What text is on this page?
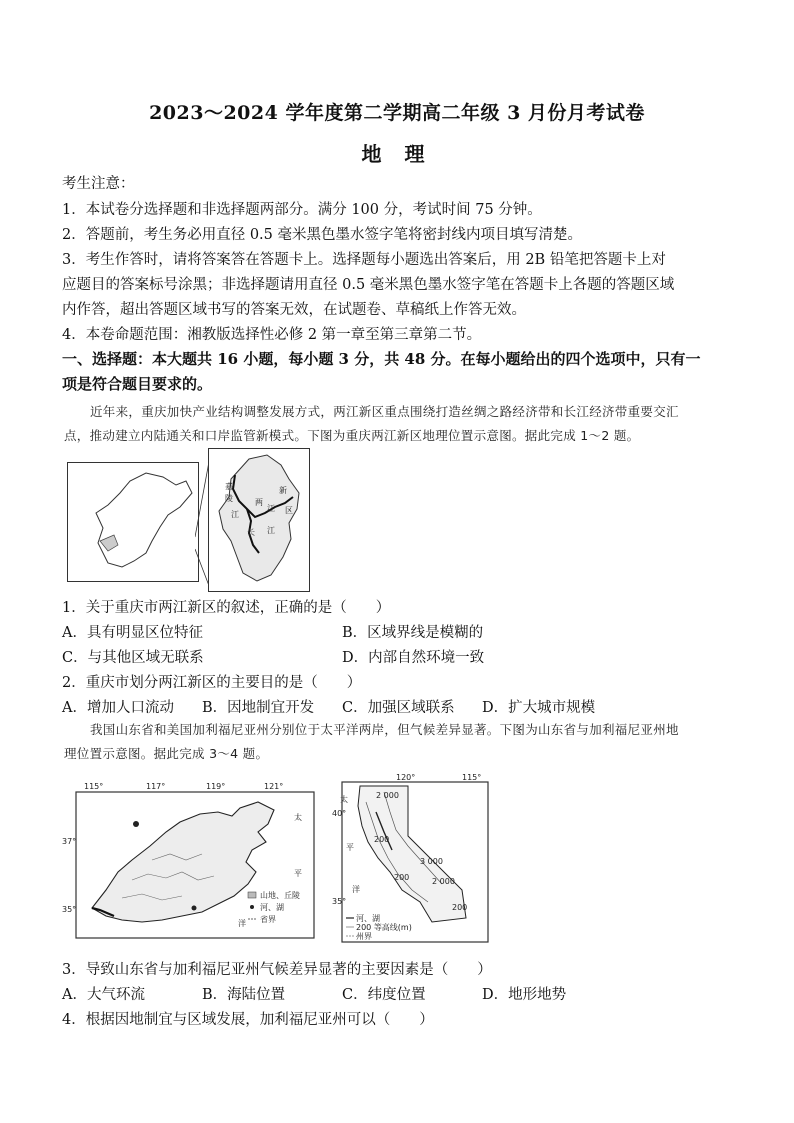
2023～2024 学年度第二学期高二年级 3 月份月考试卷
地 理
考生注意：
1．本试卷分选择题和非选择题两部分。满分 100 分，考试时间 75 分钟。
2．答题前，考生务必用直径 0.5 毫米黑色墨水签字笔将密封线内项目填写清楚。
3．考生作答时，请将答案答在答题卡上。选择题每小题选出答案后，用 2B 铅笔把答题卡上对
应题目的答案标号涂黑；非选择题请用直径 0.5 毫米黑色墨水签字笔在答题卡上各题的答题区域
内作答，超出答题区域书写的答案无效，在试题卷、草稿纸上作答无效。
4．本卷命题范围：湘教版选择性必修 2 第一章至第三章第二节。
一、选择题：本大题共 16 小题，每小题 3 分，共 48 分。在每小题给出的四个选项中，只有一
项是符合题目要求的。
近年来，重庆加快产业结构调整发展方式，两江新区重点围绕打造丝绸之路经济带和长江经济带重要交汇
点，推动建立内陆通关和口岸监管新模式。下图为重庆两江新区地理位置示意图。据此完成 1～2 题。
嘉
陵	两
江
新
区
江
长 江
1．关于重庆市两江新区的叙述，正确的是（　　）
A．具有明显区位特征	B．区域界线是模糊的
C．与其他区域无联系	D．内部自然环境一致
2．重庆市划分两江新区的主要目的是（　　）
A．增加人口流动 B．因地制宜开发 C．加强区域联系 D．扩大城市规模
我国山东省和美国加利福尼亚州分别位于太平洋两岸，但气候差异显著。下图为山东省与加利福尼亚州地
理位置示意图。据此完成 3～4 题。
115°	117°	119°	121°
37°
35°
太
平
洋
山地、丘陵
河、湖
省界
120°	115°
40°
35°
太
平
洋
2 000
200
200
3 000
2 000
200
河、湖
200 等高线(m)
州界
3．导致山东省与加利福尼亚州气候差异显著的主要因素是（　　）
A．大气环流	B．海陆位置	C．纬度位置	D．地形地势
4．根据因地制宜与区域发展，加利福尼亚州可以（　　）
